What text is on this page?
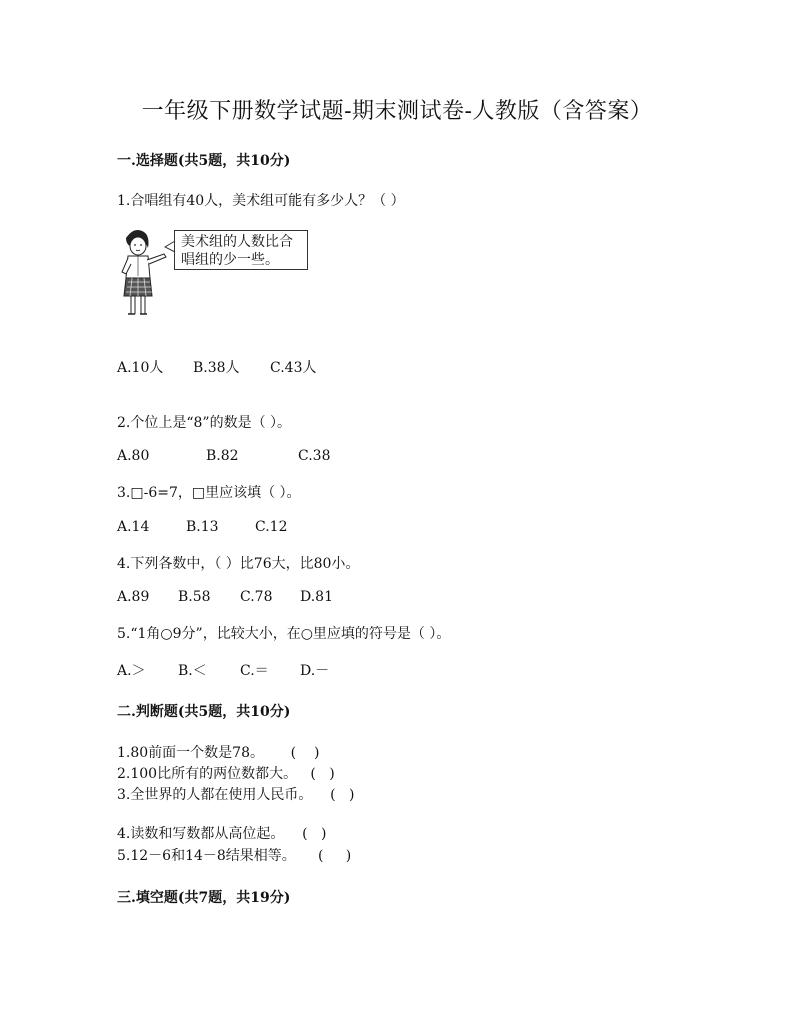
一年级下册数学试题-期末测试卷-人教版（含答案）
一.选择题(共5题，共10分)
1.合唱组有40人，美术组可能有多少人？（ ）
美术组的人数比合唱组的少一些。
A.10人 B.38人 C.43人
2.个位上是“8”的数是（ ）。
A.80	B.82	C.38
3.□-6=7，□里应该填（ ）。
A.14	B.13	C.12
4.下列各数中，（ ）比76大，比80小。
A.89 B.58 C.78 D.81
5.“1角○9分”，比较大小，在○里应填的符号是（ ）。
A.＞ B.＜ C.＝ D.－
二.判断题(共5题，共10分)
1.80前面一个数是78。      (    )
2.100比所有的两位数都大。   (   )
3.全世界的人都在使用人民币。    (   )
4.读数和写数都从高位起。    (   )
5.12－6和14－8结果相等。     (     )
三.填空题(共7题，共19分)
